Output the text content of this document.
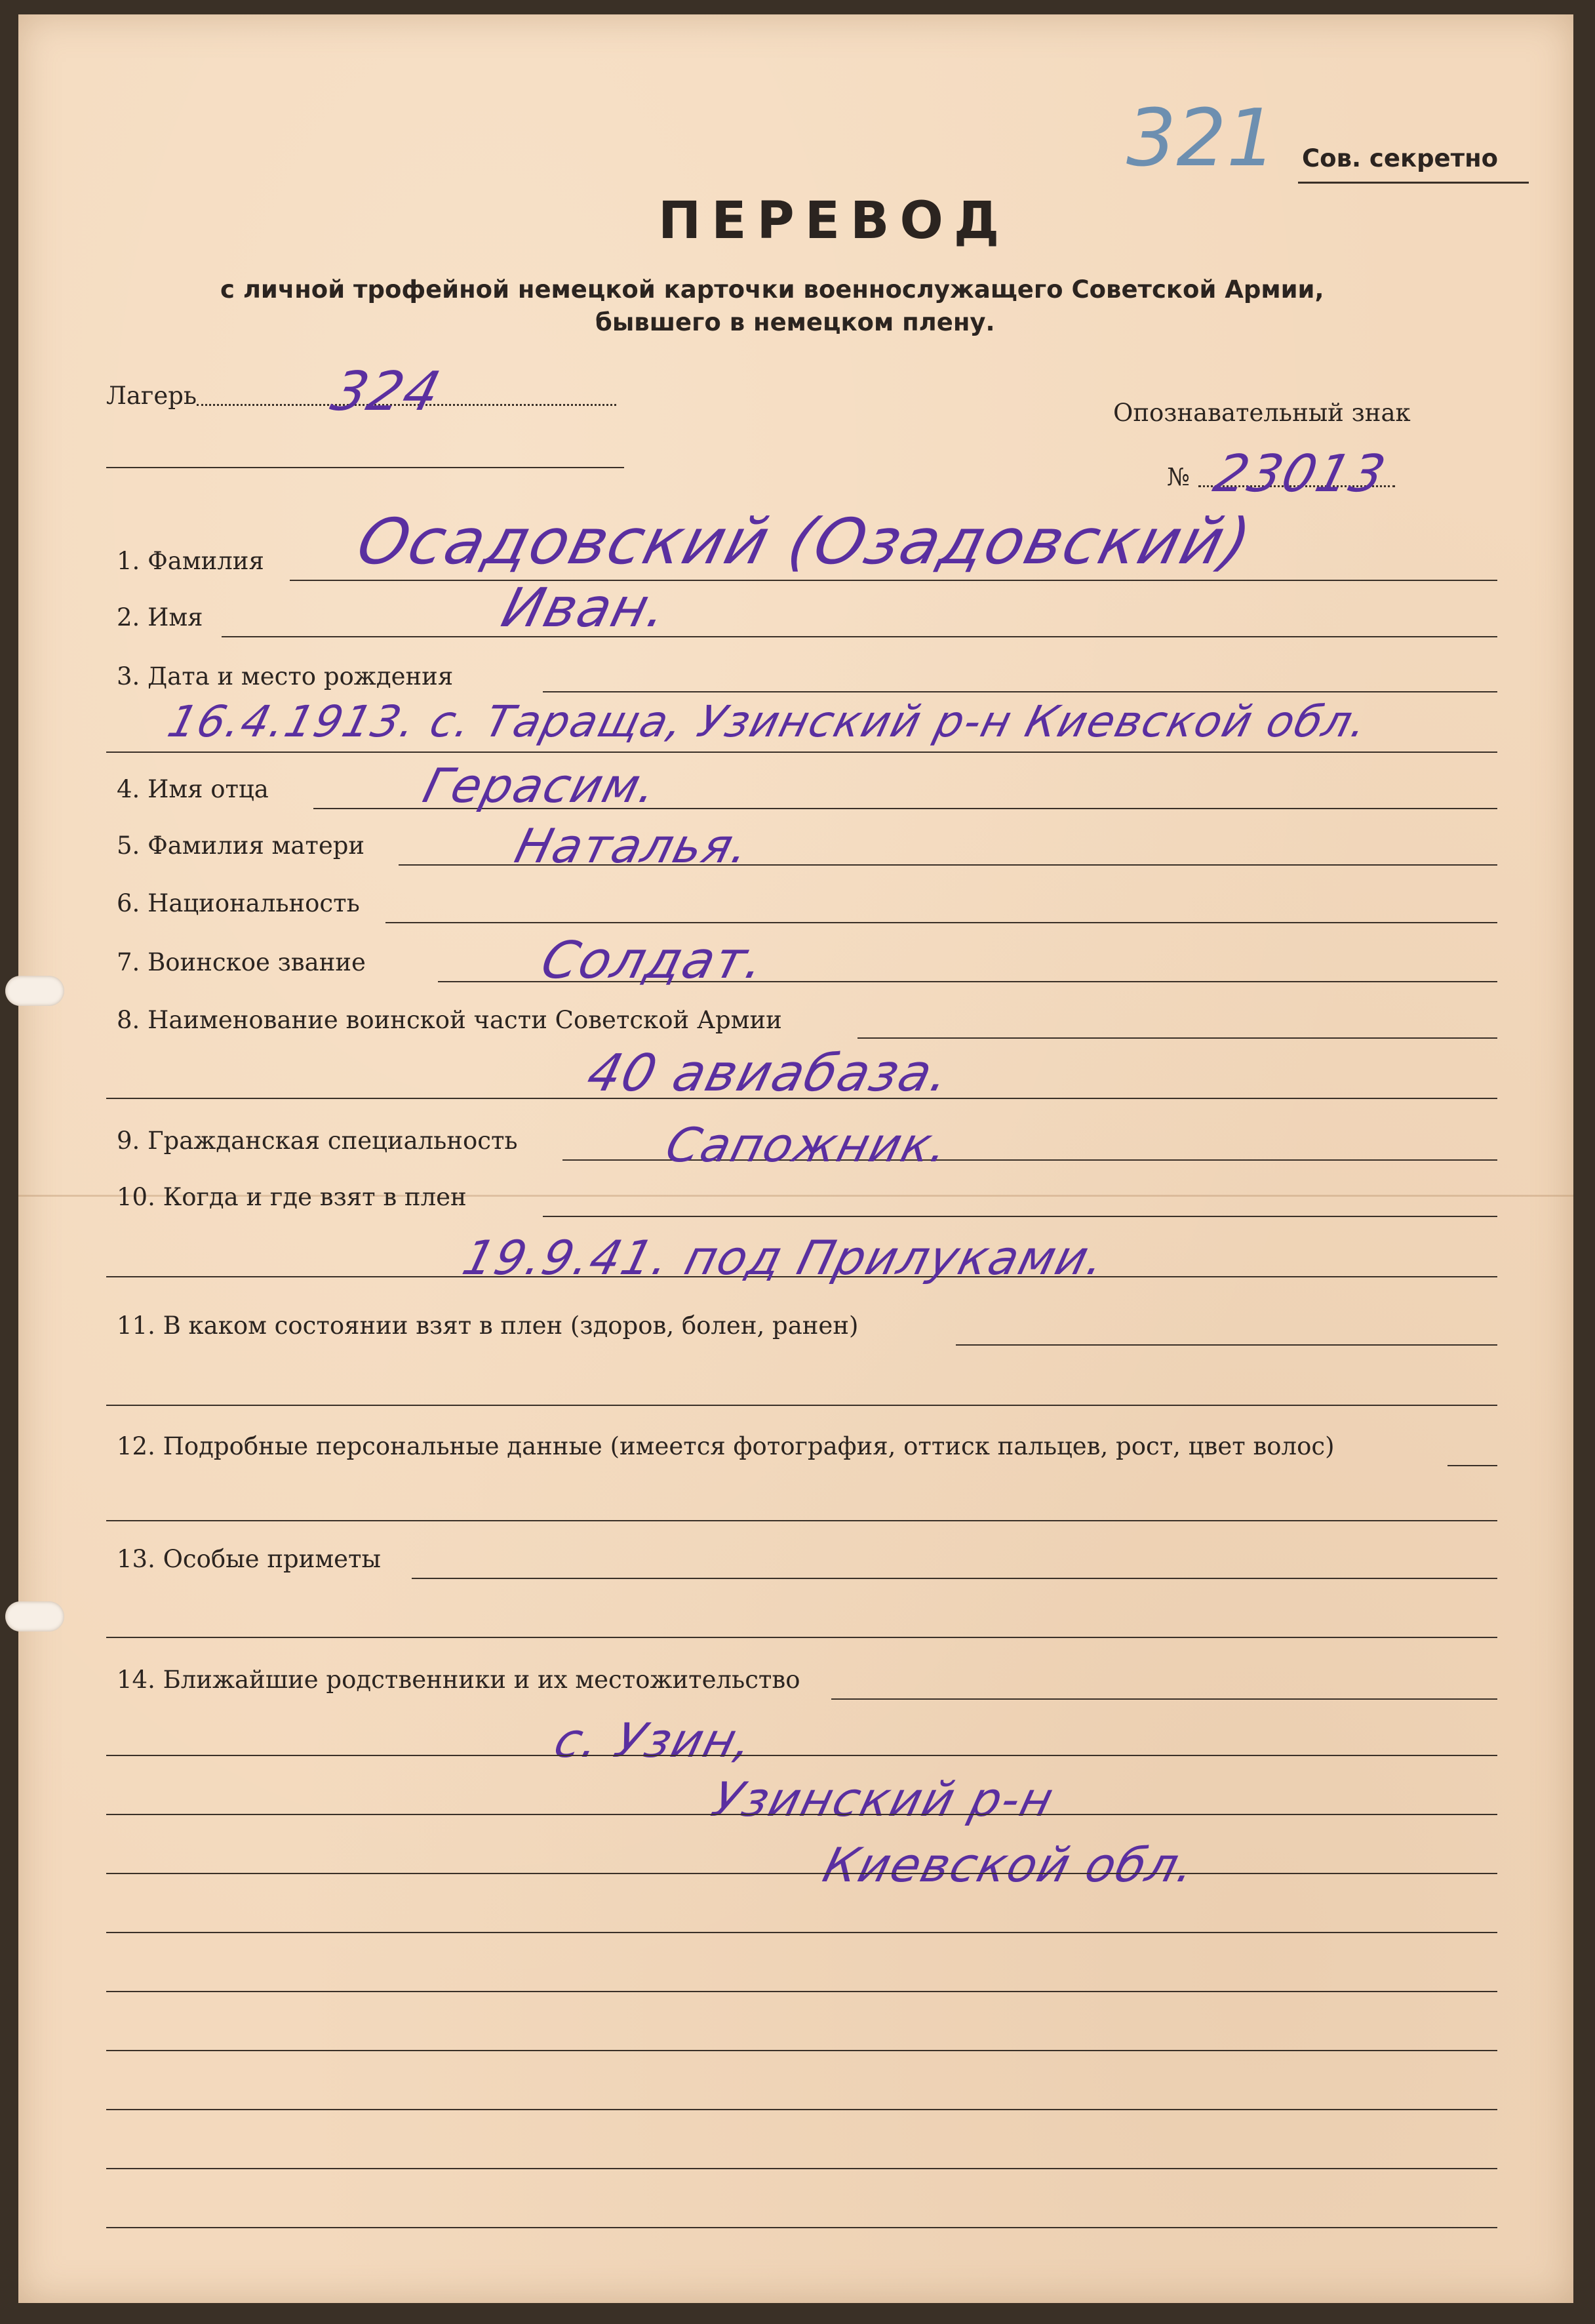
321 Сов. секретно
ПЕРЕВОД
с личной трофейной немецкой карточки военнослужащего Советской Армии,
бывшего в немецком плену.
Лагерь 324	Опознавательный знак
№ 23013
1. Фамилия Осадовский (Озадовский)
2. Имя	Иван.
3. Дата и место рождения
16.4.1913. с. Тараща, Узинский р-н Киевской обл.
4. Имя отца	Герасим.
5. Фамилия матери	Наталья.
6. Национальность
7. Воинское звание	Солдат.
8. Наименование воинской части Советской Армии
40 авиабаза.
9. Гражданская специальность	Сапожник.
10. Когда и где взят в плен
19.9.41. под Прилуками.
11. В каком состоянии взят в плен (здоров, болен, ранен)
12. Подробные персональные данные (имеется фотография, оттиск пальцев, рост, цвет волос)
13. Особые приметы
14. Ближайшие родственники и их местожительство
с. Узин,
Узинский р-н
Киевской обл.
